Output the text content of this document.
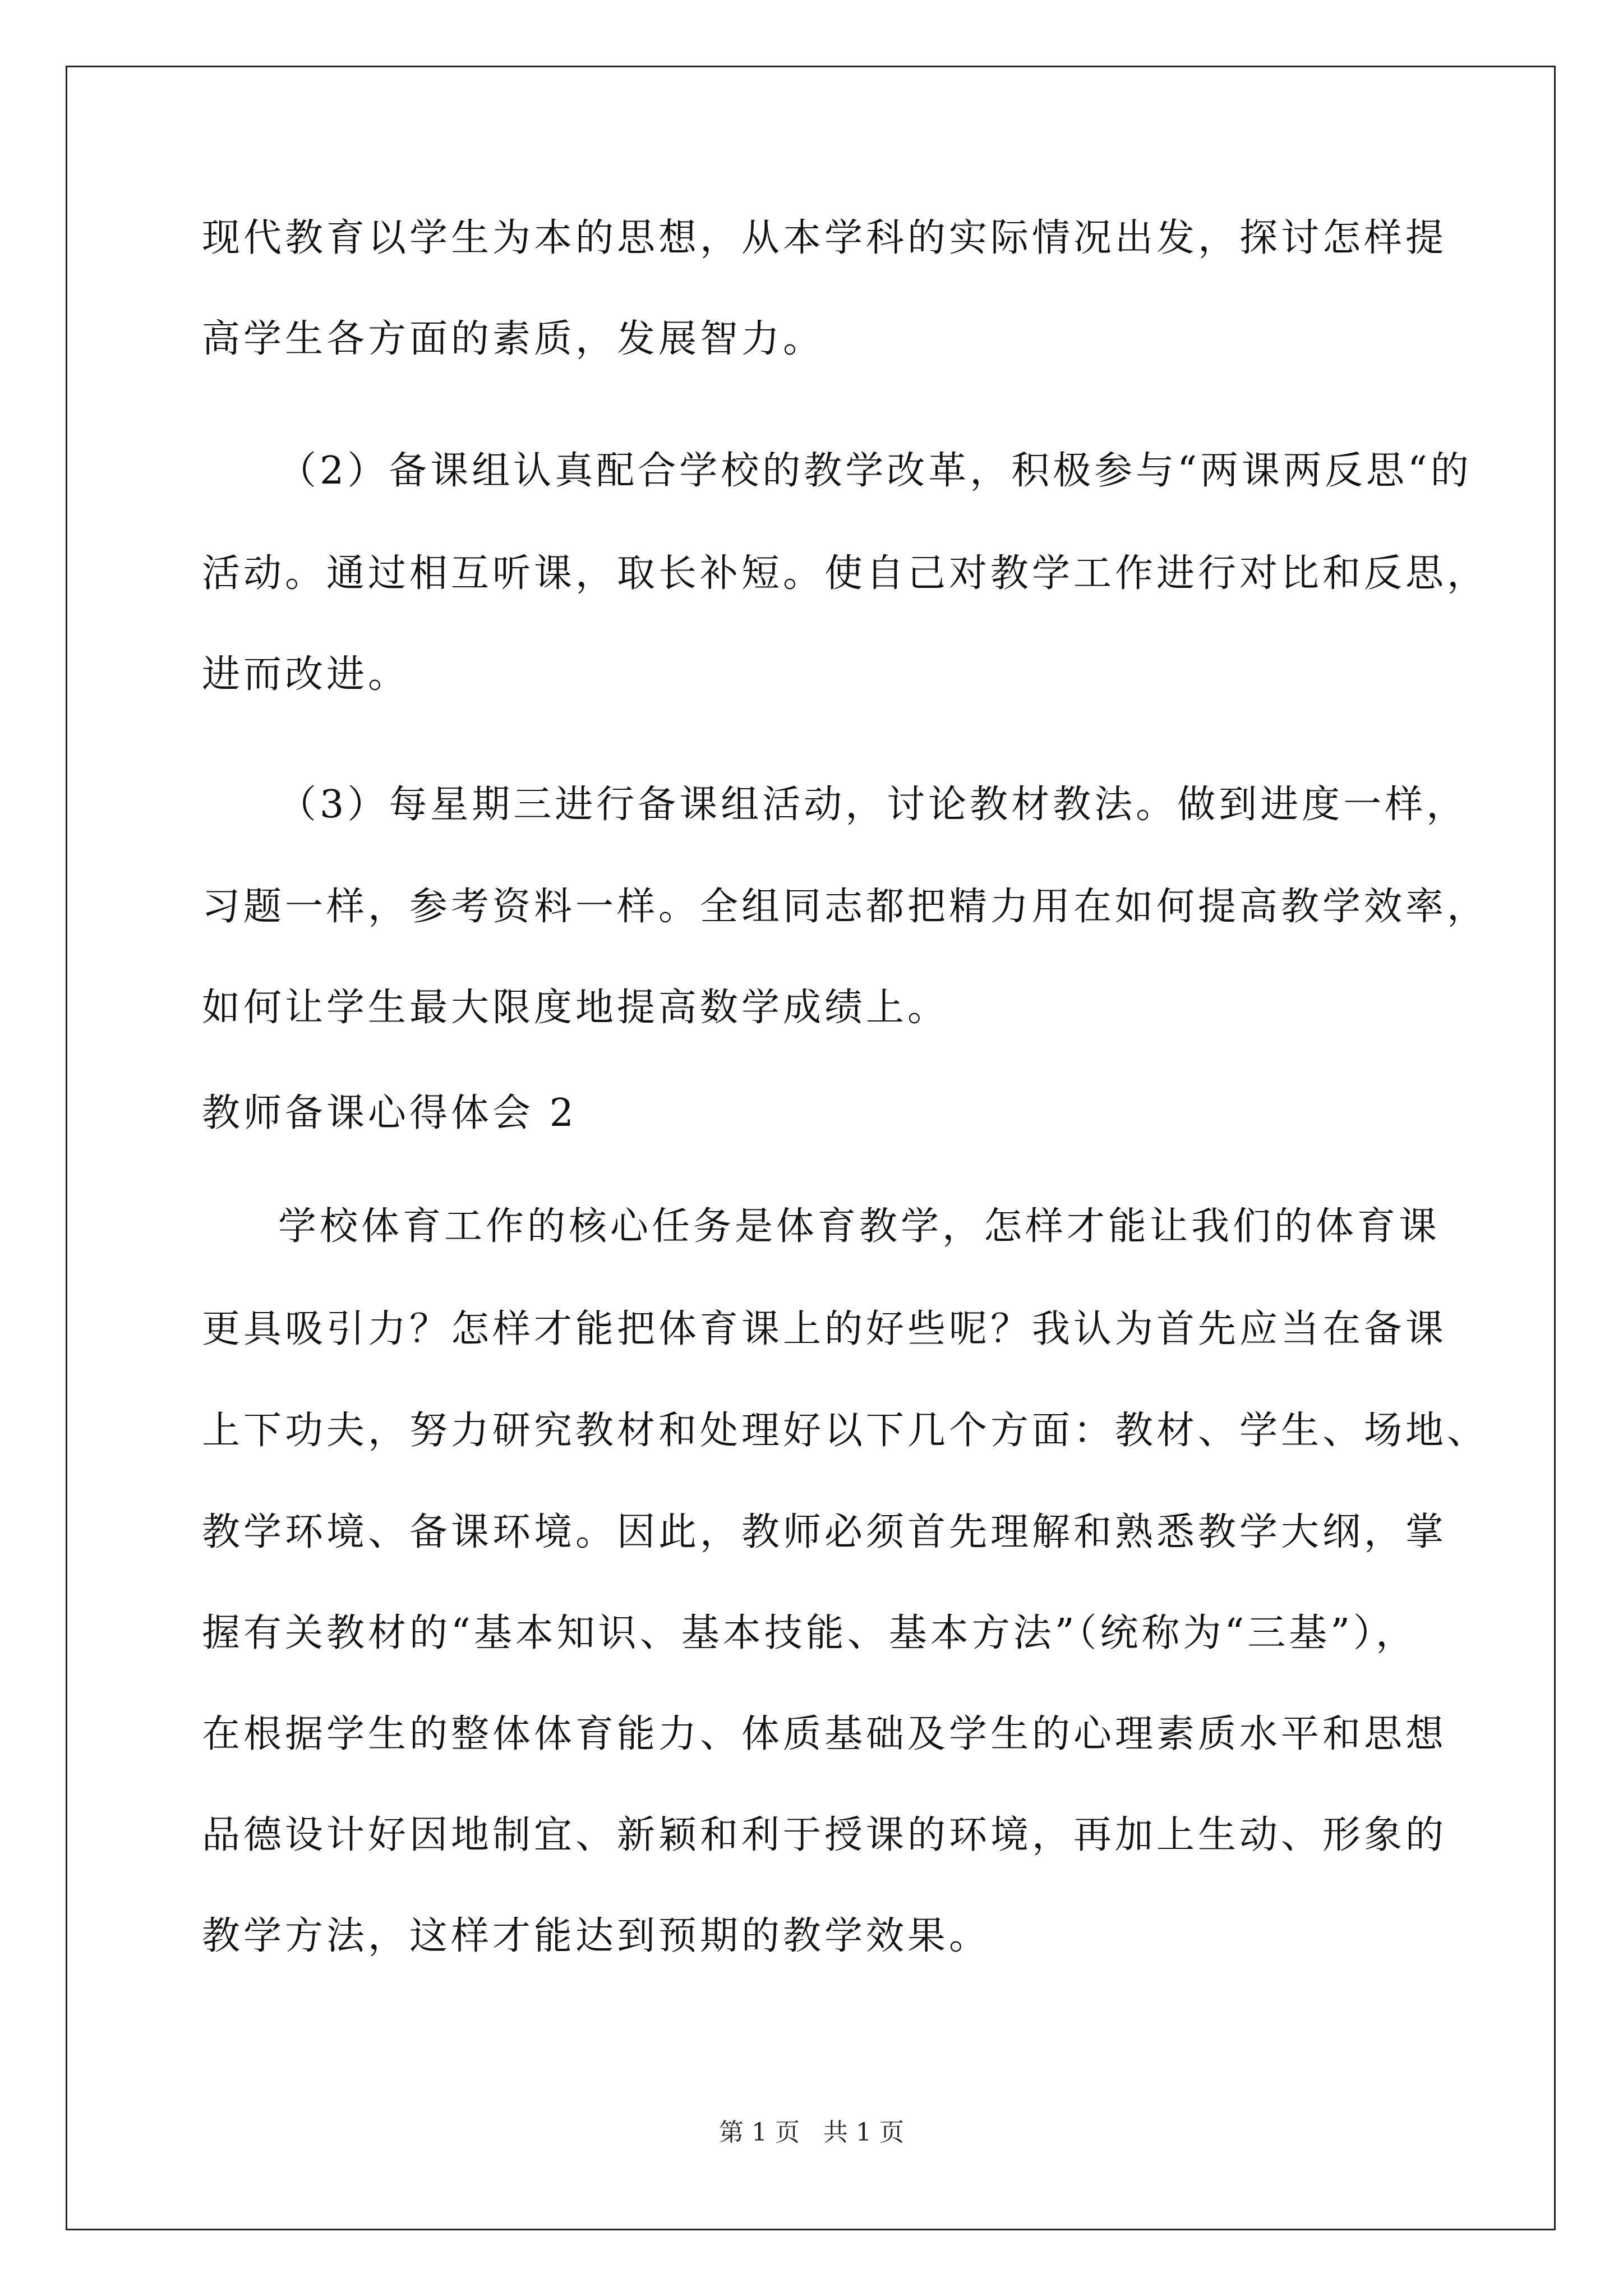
现代教育以学生为本的思想，从本学科的实际情况出发，探讨怎样提
高学生各方面的素质，发展智力。
（2）备课组认真配合学校的教学改革，积极参与“两课两反思“的
活动。通过相互听课，取长补短。使自己对教学工作进行对比和反思，
进而改进。
（3）每星期三进行备课组活动，讨论教材教法。做到进度一样，
习题一样，参考资料一样。全组同志都把精力用在如何提高教学效率，
如何让学生最大限度地提高数学成绩上。
教师备课心得体会 2
学校体育工作的核心任务是体育教学，怎样才能让我们的体育课
更具吸引力？怎样才能把体育课上的好些呢？我认为首先应当在备课
上下功夫，努力研究教材和处理好以下几个方面：教材、学生、场地、
教学环境、备课环境。因此，教师必须首先理解和熟悉教学大纲，掌
握有关教材的“基本知识、基本技能、基本方法”（统称为“三基”），
在根据学生的整体体育能力、体质基础及学生的心理素质水平和思想
品德设计好因地制宜、新颖和利于授课的环境，再加上生动、形象的
教学方法，这样才能达到预期的教学效果。
第 1 页   共 1 页
